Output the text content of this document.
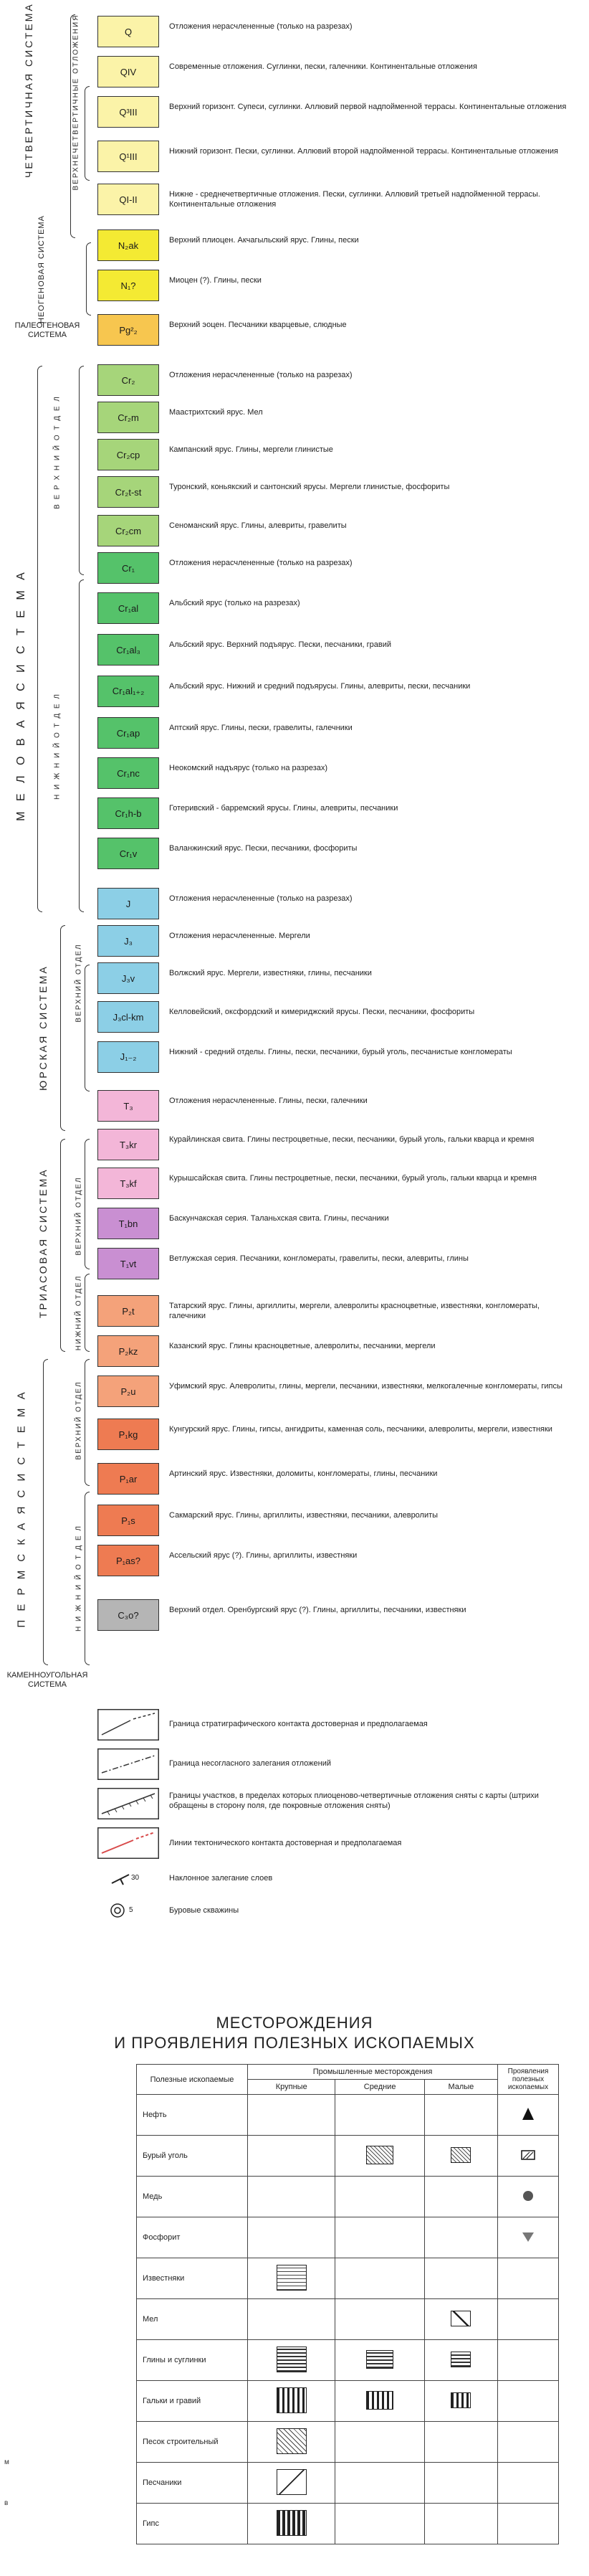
ЧЕТВЕРТИЧНАЯ СИСТЕМА	ВЕРХНЕЧЕТВЕРТИЧНЫЕ ОТЛОЖЕНИЯ
НЕОГЕНОВАЯ СИСТЕМА
ПАЛЕОГЕНОВАЯ СИСТЕМА
М Е Л О В А Я С И С Т Е М А
В Е Р Х Н И Й О Т Д Е Л
Н И Ж Н И Й О Т Д Е Л
ЮРСКАЯ СИСТЕМА	ВЕРХНИЙ ОТДЕЛ
ТРИАСОВАЯ СИСТЕМА	ВЕРХНИЙ ОТДЕЛ
НИЖНИЙ ОТДЕЛ
П Е Р М С К А Я С И С Т Е М А	ВЕРХНИЙ ОТДЕЛ
Н И Ж Н И Й О Т Д Е Л
КАМЕННОУГОЛЬНАЯ СИСТЕМА
Q	Отложения нерасчлененные (только на разрезах)
QIV	Современные отложения. Суглинки, пески, галечники. Континентальные отложения
Q³III	Верхний горизонт. Супеси, суглинки. Аллювий первой надпойменной террасы. Континентальные отложения
Q¹III	Нижний горизонт. Пески, суглинки. Аллювий второй надпойменной террасы. Континентальные отложения
QI-II	Нижне - среднечетвертичные отложения. Пески, суглинки. Аллювий третьей надпойменной террасы. Континентальные отложения
N₂ak	Верхний плиоцен. Акчагыльский ярус. Глины, пески
N₁?	Миоцен (?). Глины, пески
Pg²₂	Верхний эоцен. Песчаники кварцевые, слюдные
Cr₂	Отложения нерасчлененные (только на разрезах)
Cr₂m	Маастрихтский ярус. Мел
Cr₂cp	Кампанский ярус. Глины, мергели глинистые
Cr₂t-st	Туронский, коньякский и сантонский ярусы. Мергели глинистые, фосфориты
Cr₂cm	Сеноманский ярус. Глины, алевриты, гравелиты
Cr₁	Отложения нерасчлененные (только на разрезах)
Cr₁al	Альбский ярус (только на разрезах)
Cr₁al₃	Альбский ярус. Верхний подъярус. Пески, песчаники, гравий
Cr₁al₁₊₂	Альбский ярус. Нижний и средний подъярусы. Глины, алевриты, пески, песчаники
Cr₁ap	Аптский ярус. Глины, пески, гравелиты, галечники
Cr₁nc	Неокомский надъярус (только на разрезах)
Cr₁h-b	Готеривский - барремский ярусы. Глины, алевриты, песчаники
Cr₁v	Валанжинский ярус. Пески, песчаники, фосфориты
J	Отложения нерасчлененные (только на разрезах)
J₃	Отложения нерасчлененные. Мергели
J₃v	Волжский ярус. Мергели, известняки, глины, песчаники
J₃cl-km	Келловейский, оксфордский и кимериджский ярусы. Пески, песчаники, фосфориты
J₁₋₂	Нижний - средний отделы. Глины, пески, песчаники, бурый уголь, песчанистые конгломераты
T₃	Отложения нерасчлененные. Глины, пески, галечники
T₃kr	Курайлинская свита. Глины пестроцветные, пески, песчаники, бурый уголь, гальки кварца и кремня
T₃kf	Курышсайская свита. Глины пестроцветные, пески, песчаники, бурый уголь, гальки кварца и кремня
T₁bn	Баскунчакская серия. Таланьхская свита. Глины, песчаники
T₁vt	Ветлужская серия. Песчаники, конгломераты, гравелиты, пески, алевриты, глины
P₂t	Татарский ярус. Глины, аргиллиты, мергели, алевролиты красноцветные, известняки, конгломераты, галечники
P₂kz	Казанский ярус. Глины красноцветные, алевролиты, песчаники, мергели
P₂u	Уфимский ярус. Алевролиты, глины, мергели, песчаники, известняки, мелкогалечные конгломераты, гипсы
P₁kg	Кунгурский ярус. Глины, гипсы, ангидриты, каменная соль, песчаники, алевролиты, мергели, известняки
P₁ar	Артинский ярус. Известняки, доломиты, конгломераты, глины, песчаники
P₁s	Сакмарский ярус. Глины, аргиллиты, известняки, песчаники, алевролиты
P₁as?	Ассельский ярус (?). Глины, аргиллиты, известняки
C₃o?	Верхний отдел. Оренбургский ярус (?). Глины, аргиллиты, песчаники, известняки
Граница стратиграфического контакта достоверная и предполагаемая
Граница несогласного залегания отложений
Границы участков, в пределах которых плиоценово-четвертичные отложения сняты с карты (штрихи обращены в сторону поля, где покровные отложения сняты)
Линии тектонического контакта достоверная и предполагаемая
30	Наклонное залегание слоев
5	Буровые скважины
МЕСТОРОЖДЕНИЯ
И ПРОЯВЛЕНИЯ ПОЛЕЗНЫХ ИСКОПАЕМЫХ
Полезные ископаемые	Промышленные месторождения			Проявления полезных ископаемых
	Крупные	Средние	Малые	
Нефть				
Бурый уголь				
Медь				
Фосфорит				
Известняки				
Мел				
Глины и суглинки				
Гальки и гравий				
Песок строительный				
Песчаники				
Гипс				
м
в
